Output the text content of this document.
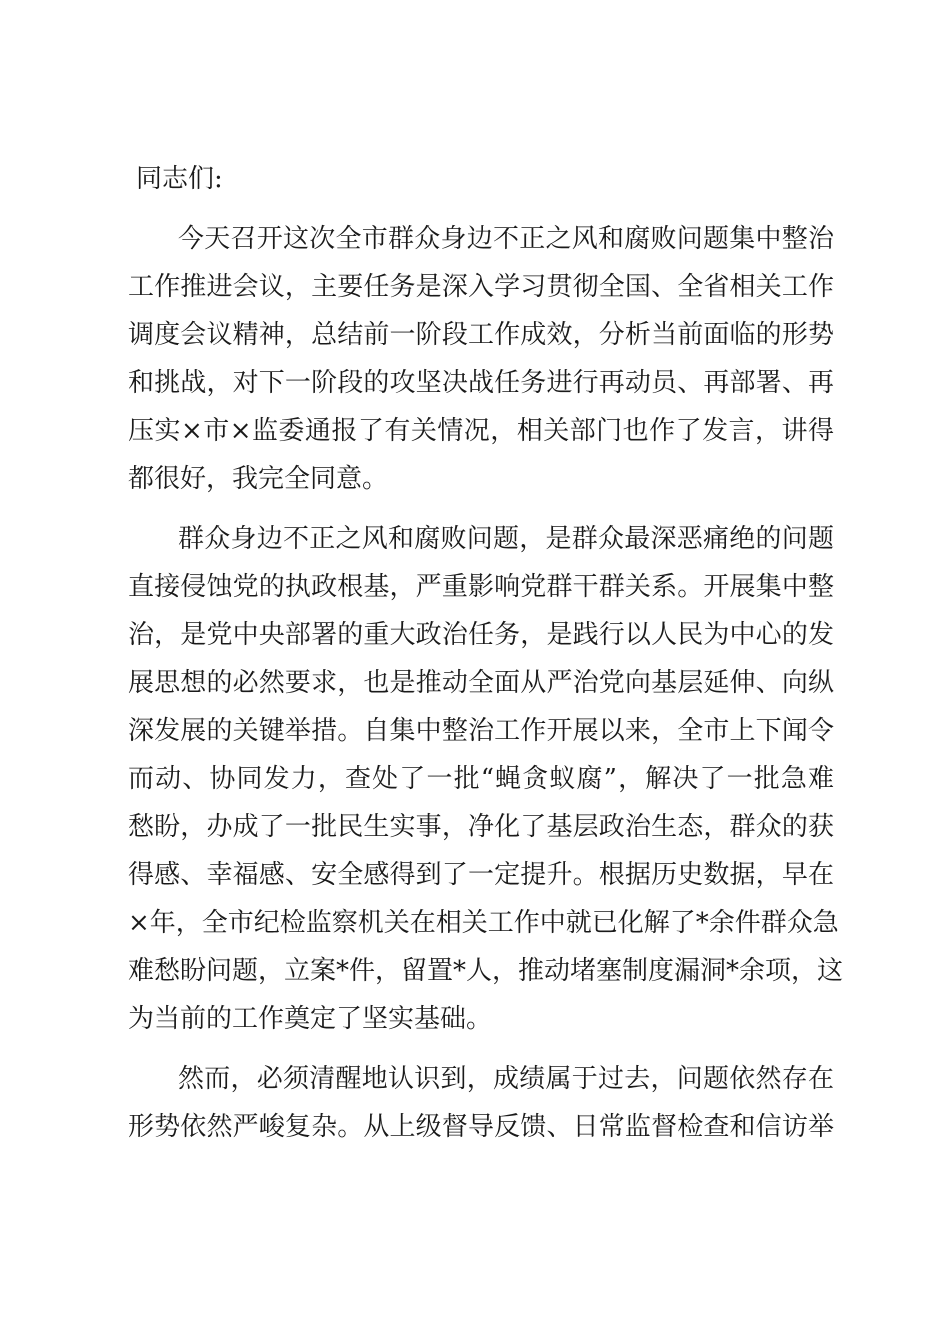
同志们:
今天召开这次全市群众身边不正之风和腐败问题集中整治
工作推进会议，主要任务是深入学习贯彻全国、全省相关工作
调度会议精神，总结前一阶段工作成效，分析当前面临的形势
和挑战，对下一阶段的攻坚决战任务进行再动员、再部署、再
压实×市×监委通报了有关情况，相关部门也作了发言，讲得
都很好，我完全同意。
群众身边不正之风和腐败问题，是群众最深恶痛绝的问题
直接侵蚀党的执政根基，严重影响党群干群关系。开展集中整
治，是党中央部署的重大政治任务，是践行以人民为中心的发
展思想的必然要求，也是推动全面从严治党向基层延伸、向纵
深发展的关键举措。自集中整治工作开展以来，全市上下闻令
而动、协同发力，查处了一批“蝇贪蚁腐”，解决了一批急难
愁盼，办成了一批民生实事，净化了基层政治生态，群众的获
得感、幸福感、安全感得到了一定提升。根据历史数据，早在
×年，全市纪检监察机关在相关工作中就已化解了*余件群众急
难愁盼问题，立案*件，留置*人，推动堵塞制度漏洞*余项，这
为当前的工作奠定了坚实基础。
然而，必须清醒地认识到，成绩属于过去，问题依然存在
形势依然严峻复杂。从上级督导反馈、日常监督检查和信访举
